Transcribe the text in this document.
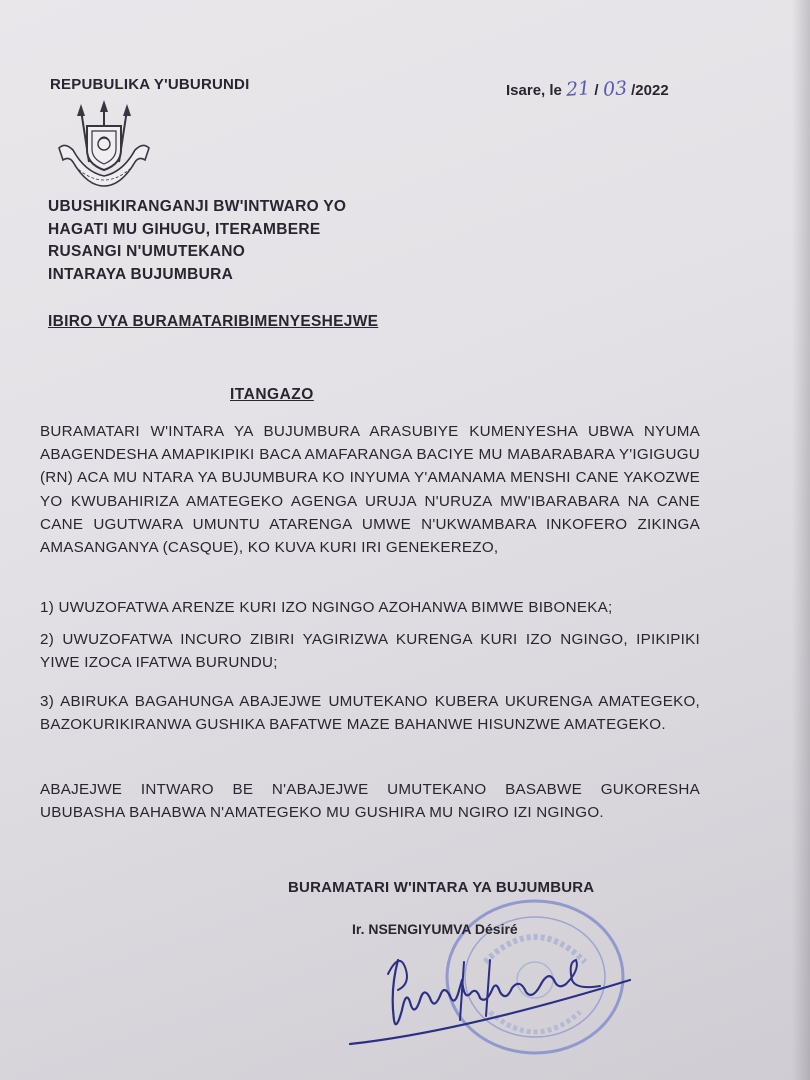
REPUBULIKA Y'UBURUNDI	Isare, le 21 / 03 /2022
UBUSHIKIRANGANJI BW'INTWARO YO
HAGATI MU GIHUGU, ITERAMBERE
RUSANGI N'UMUTEKANO
INTARAYA BUJUMBURA
IBIRO VYA BURAMATARIBIMENYESHEJWE
ITANGAZO
BURAMATARI W'INTARA YA BUJUMBURA ARASUBIYE KUMENYESHA UBWA NYUMA ABAGENDESHA AMAPIKIPIKI BACA AMAFARANGA BACIYE MU MABARABARA Y'IGIGUGU (RN) ACA MU NTARA YA BUJUMBURA KO INYUMA Y'AMANAMA MENSHI CANE YAKOZWE YO KWUBAHIRIZA AMATEGEKO AGENGA URUJA N'URUZA MW'IBARABARA NA CANE CANE UGUTWARA UMUNTU ATARENGA UMWE N'UKWAMBARA INKOFERO ZIKINGA AMASANGANYA (CASQUE), KO KUVA KURI IRI GENEKEREZO,
1) UWUZOFATWA ARENZE KURI IZO NGINGO AZOHANWA BIMWE BIBONEKA;
2) UWUZOFATWA INCURO ZIBIRI YAGIRIZWA KURENGA KURI IZO NGINGO, IPIKIPIKI YIWE IZOCA IFATWA BURUNDU;
3) ABIRUKA BAGAHUNGA ABAJEJWE UMUTEKANO KUBERA UKURENGA AMATEGEKO, BAZOKURIKIRANWA GUSHIKA BAFATWE MAZE BAHANWE HISUNZWE AMATEGEKO.
ABAJEJWE INTWARO BE N'ABAJEJWE UMUTEKANO BASABWE GUKORESHA UBUBASHA BAHABWA N'AMATEGEKO MU GUSHIRA MU NGIRO IZI NGINGO.
BURAMATARI W'INTARA YA BUJUMBURA
Ir. NSENGIYUMVA Désiré
